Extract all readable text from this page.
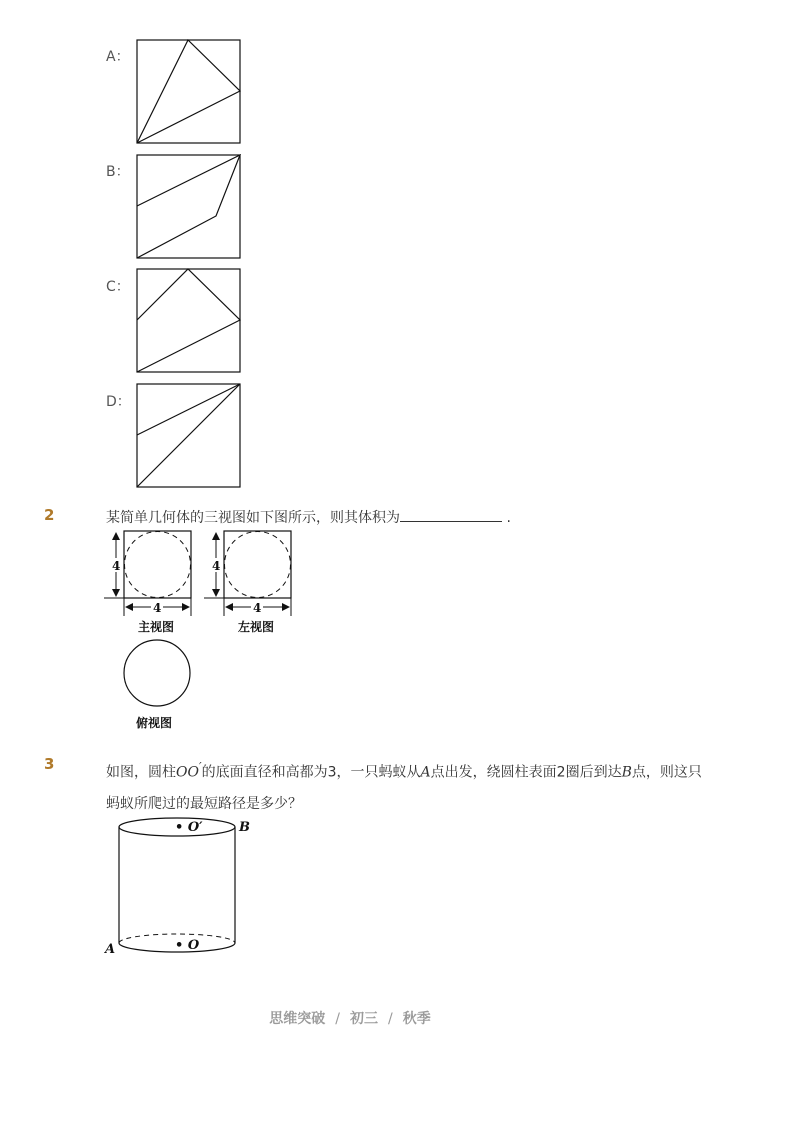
A：
B：
C：
D：
2	某简单几何体的三视图如下图所示，则其体积为	.
4
4
主视图
4
4
左视图
俯视图
3	如图，圆柱OO′的底面直径和高都为3，一只蚂蚁从A点出发，绕圆柱表面2圈后到达B点，则这只
蚂蚁所爬过的最短路径是多少？
• O′
• O
A
B
思维突破 / 初三 / 秋季
